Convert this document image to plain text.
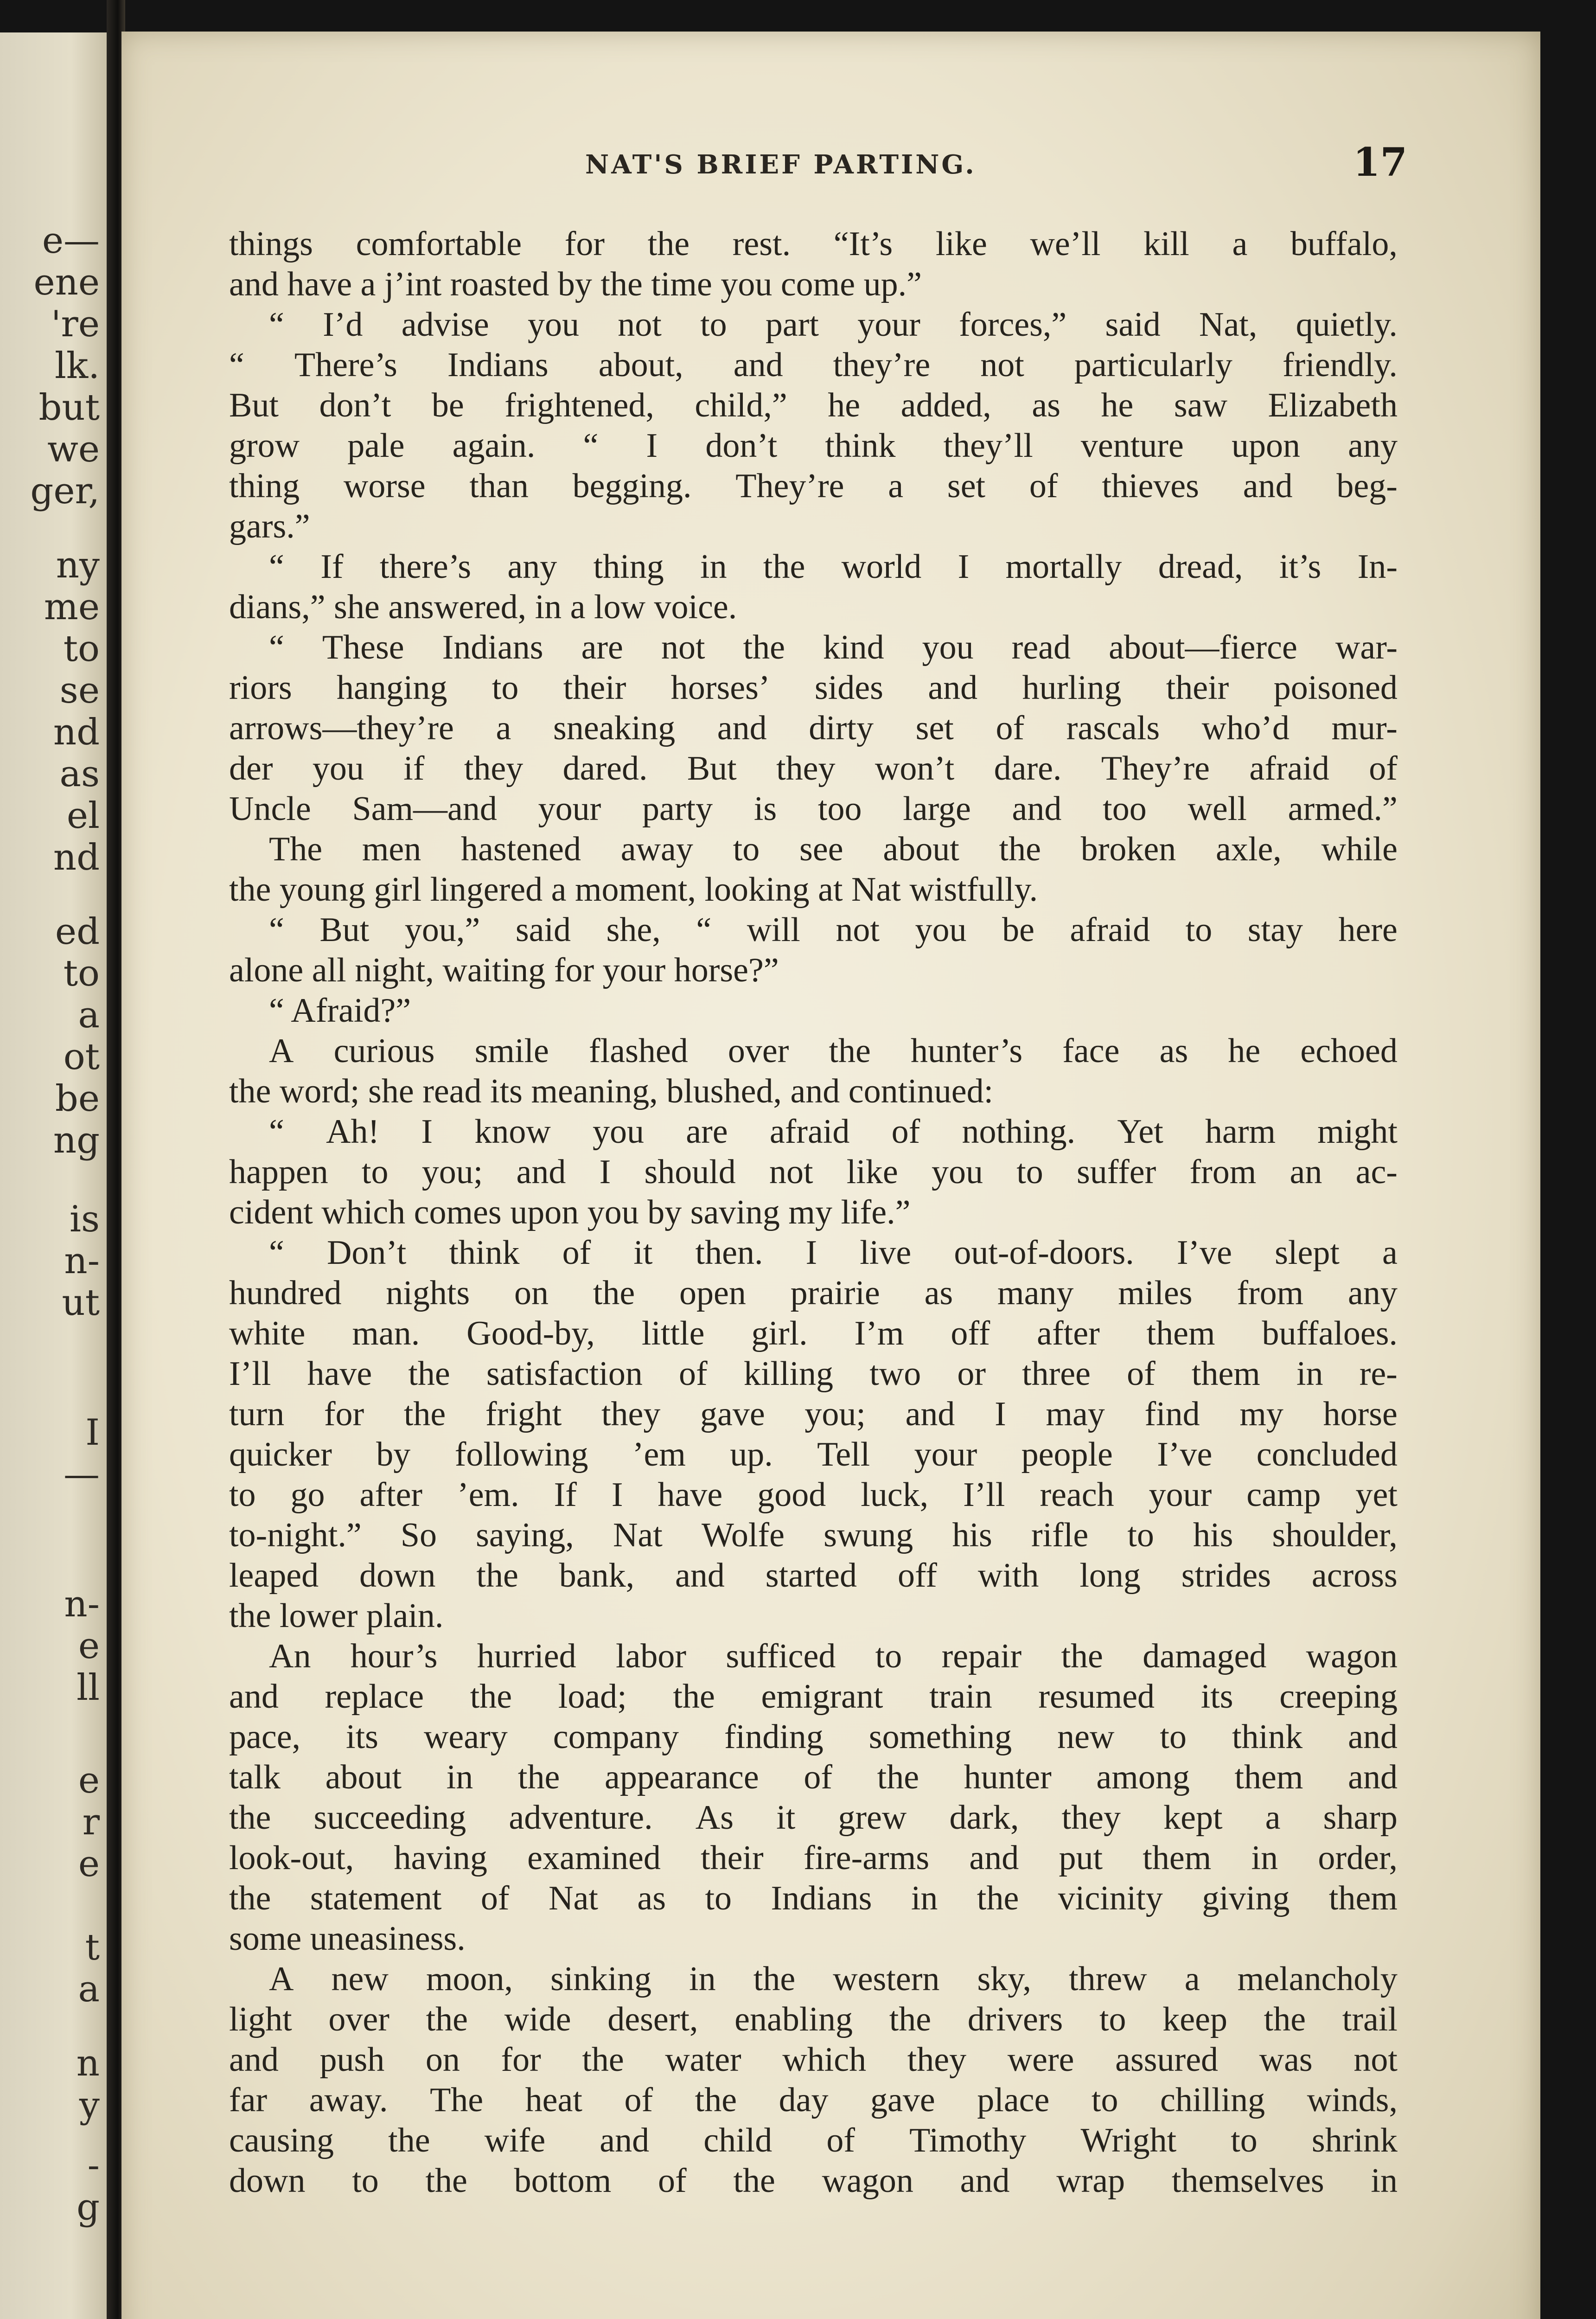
e—
ene
're
lk.
but
we
ger,
ny
me
to
se
nd
as
el
nd
ed
to
a
ot
be
ng
is
n-
ut
I
—
n-
e
ll
e
r
e
t
a
n
y
-
g
NAT'S BRIEF PARTING.	17
things comfortable for the rest. “It’s like we’ll kill a buffalo,
and have a j’int roasted by the time you come up.”
“ I’d advise you not to part your forces,” said Nat, quietly.
“ There’s Indians about, and they’re not particularly friendly.
But don’t be frightened, child,” he added, as he saw Elizabeth
grow pale again. “ I don’t think they’ll venture upon any
thing worse than begging. They’re a set of thieves and beg-
gars.”
“ If there’s any thing in the world I mortally dread, it’s In-
dians,” she answered, in a low voice.
“ These Indians are not the kind you read about—fierce war-
riors hanging to their horses’ sides and hurling their poisoned
arrows—they’re a sneaking and dirty set of rascals who’d mur-
der you if they dared. But they won’t dare. They’re afraid of
Uncle Sam—and your party is too large and too well armed.”
The men hastened away to see about the broken axle, while
the young girl lingered a moment, looking at Nat wistfully.
“ But you,” said she, “ will not you be afraid to stay here
alone all night, waiting for your horse?”
“ Afraid?”
A curious smile flashed over the hunter’s face as he echoed
the word; she read its meaning, blushed, and continued:
“ Ah! I know you are afraid of nothing. Yet harm might
happen to you; and I should not like you to suffer from an ac-
cident which comes upon you by saving my life.”
“ Don’t think of it then. I live out-of-doors. I’ve slept a
hundred nights on the open prairie as many miles from any
white man. Good-by, little girl. I’m off after them buffaloes.
I’ll have the satisfaction of killing two or three of them in re-
turn for the fright they gave you; and I may find my horse
quicker by following ’em up. Tell your people I’ve concluded
to go after ’em. If I have good luck, I’ll reach your camp yet
to-night.” So saying, Nat Wolfe swung his rifle to his shoulder,
leaped down the bank, and started off with long strides across
the lower plain.
An hour’s hurried labor sufficed to repair the damaged wagon
and replace the load; the emigrant train resumed its creeping
pace, its weary company finding something new to think and
talk about in the appearance of the hunter among them and
the succeeding adventure. As it grew dark, they kept a sharp
look-out, having examined their fire-arms and put them in order,
the statement of Nat as to Indians in the vicinity giving them
some uneasiness.
A new moon, sinking in the western sky, threw a melancholy
light over the wide desert, enabling the drivers to keep the trail
and push on for the water which they were assured was not
far away. The heat of the day gave place to chilling winds,
causing the wife and child of Timothy Wright to shrink
down to the bottom of the wagon and wrap themselves in
